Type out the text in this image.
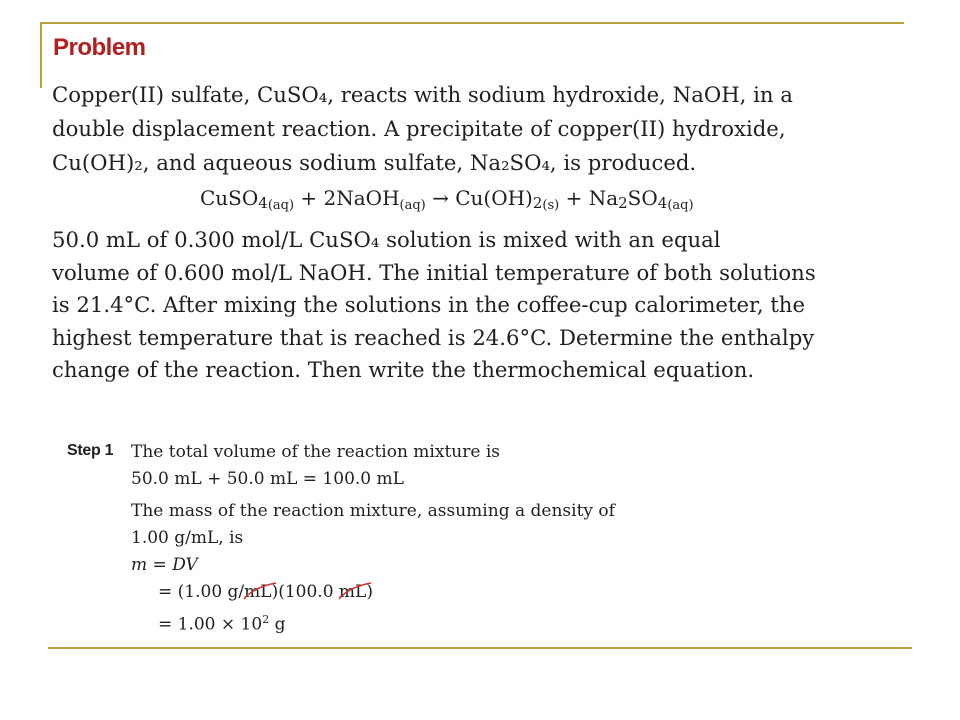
Problem

Copper(II) sulfate, CuSO₄, reacts with sodium hydroxide, NaOH, in a

double displacement reaction. A precipitate of copper(II) hydroxide,

Cu(OH)₂, and aqueous sodium sulfate, Na₂SO₄, is produced.

$CuSO4_{(aq)}$ + 2NaOH$_{(aq)}$ → $Cu(OH)2_{(s)} + Na2SO4_{(aq)}$

50.0 mL of 0.300 mol/L CuSO₄ solution is mixed with an equal

volume of 0.600 mol/L NaOH. The initial temperature of both solutions

is 21.4°C. After mixing the solutions in the coffee-cup calorimeter, the

highest temperature that is reached is 24.6°C. Determine the enthalpy

change of the reaction. Then write the thermochemical equation.

Step 1 The total volume of the reaction mixture is
50.0 mL + 50.0 mL = 100.0 mL
The mass of the reaction mixture, assuming a density of
1.00 g/mL, is
m = DV
= (1.00 g/mL
)(100.0 mL
)
= $1.00 \times 10^2$ g
